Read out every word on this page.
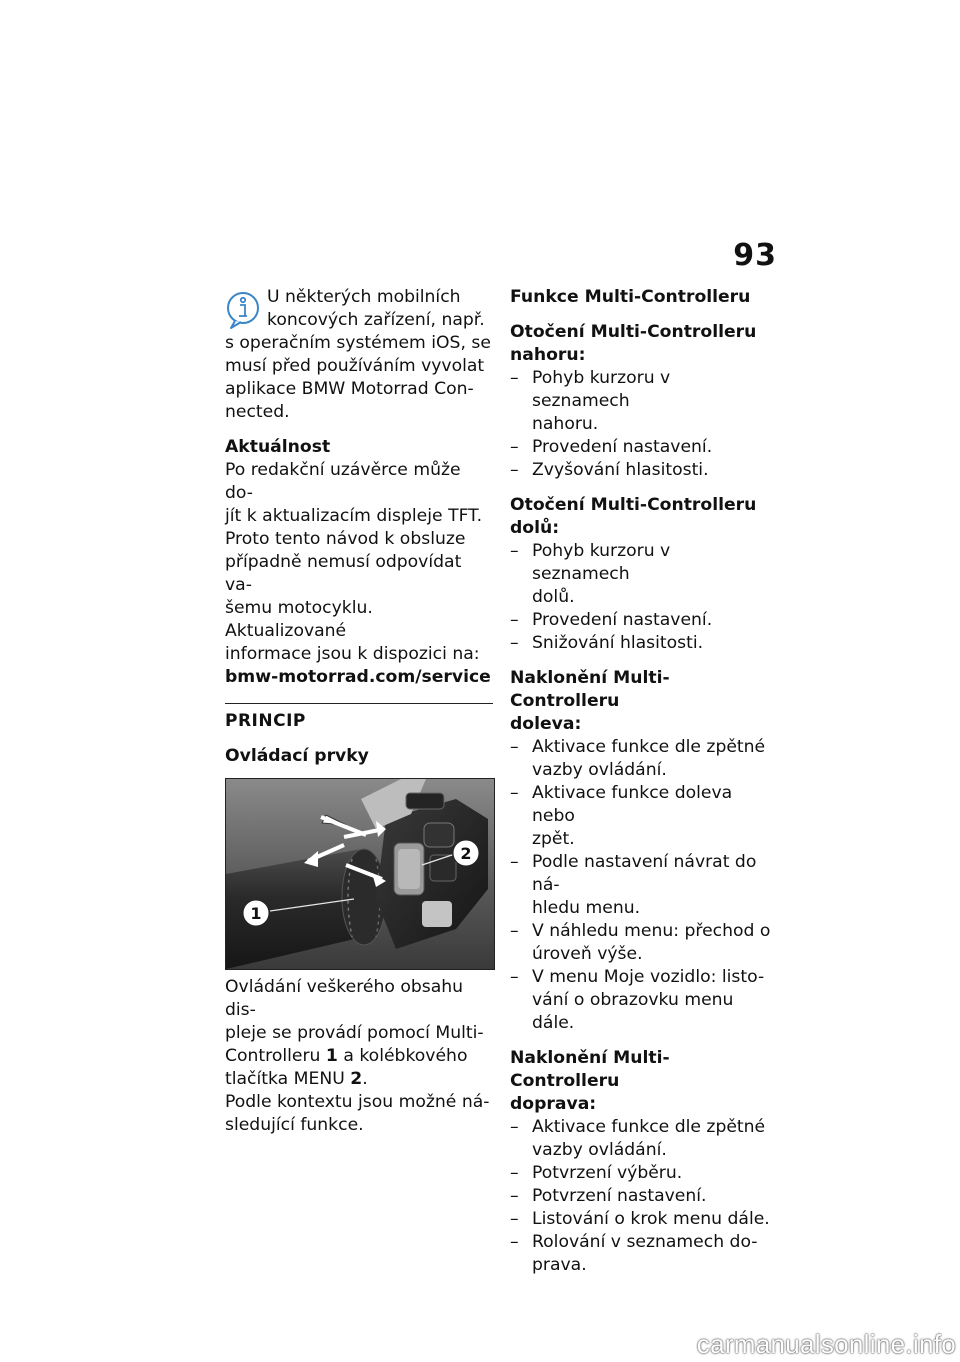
93

U některých mobilních

koncových zařízení, např.

s operačním systémem iOS, se

musí před používáním vyvolat

aplikace BMW Motorrad Con-

nected.

Aktuálnost

Po redakční uzávěrce může do-

jít k aktualizacím displeje TFT.

Proto tento návod k obsluze

případně nemusí odpovídat va-

šemu motocyklu. Aktualizované

informace jsou k dispozici na:

bmw-motorrad.com/service

PRINCIP

Ovládací prvky

1
2

Ovládání veškerého obsahu dis-

pleje se provádí pomocí Multi-

Controlleru 1 a kolébkového

tlačítka MENU 2.

Podle kontextu jsou možné ná-

sledující funkce.

Funkce Multi-Controlleru

Otočení Multi-Controlleru

nahoru:

– Pohyb kurzoru v seznamech

nahoru.

– Provedení nastavení.

– Zvyšování hlasitosti.

Otočení Multi-Controlleru

dolů:

– Pohyb kurzoru v seznamech

dolů.

– Provedení nastavení.

– Snižování hlasitosti.

Naklonění Multi-Controlleru

doleva:

– Aktivace funkce dle zpětné

vazby ovládání.

– Aktivace funkce doleva nebo

zpět.

– Podle nastavení návrat do ná-

hledu menu.

– V náhledu menu: přechod o

úroveň výše.

– V menu Moje vozidlo: listo-

vání o obrazovku menu dále.

Naklonění Multi-Controlleru

doprava:

– Aktivace funkce dle zpětné

vazby ovládání.

– Potvrzení výběru.

– Potvrzení nastavení.

– Listování o krok menu dále.

– Rolování v seznamech do-

prava.

carmanualsonline.info
